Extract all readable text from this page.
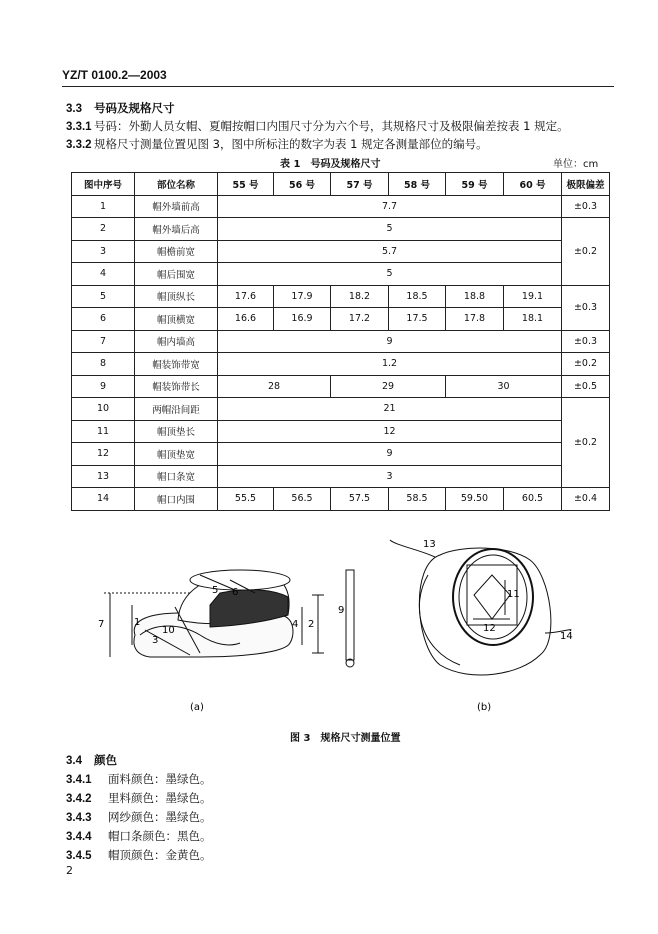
YZ/T 0100.2—2003
3.3 号码及规格尺寸
3.3.1 号码：外勤人员女帽、夏帽按帽口内围尺寸分为六个号，其规格尺寸及极限偏差按表 1 规定。
3.3.2 规格尺寸测量位置见图 3，图中所标注的数字为表 1 规定各测量部位的编号。
表 1　号码及规格尺寸	单位：cm
图中序号	部位名称	55 号	56 号	57 号	58 号	59 号	60 号	极限偏差
1	帽外墙前高	7.7						±0.3
2	帽外墙后高	5						±0.2
3	帽檐前宽	5.7						
4	帽后围宽	5						
5	帽顶纵长	17.6	17.9	18.2	18.5	18.8	19.1	±0.3
6	帽顶横宽	16.6	16.9	17.2	17.5	17.8	18.1	
7	帽内墙高	9						±0.3
8	帽装饰带宽	1.2						±0.2
9	帽装饰带长	28		29		30		±0.5
10	两帽沿间距	21						±0.2
11	帽顶垫长	12						
12	帽顶垫宽	9						
13	帽口条宽	3						
14	帽口内围	55.5	56.5	57.5	58.5	59.50	60.5	±0.4
7	1	2
4
5 6
3
10
9
13
11
12
14
(a)	(b)
图 3　规格尺寸测量位置
3.4 颜色
3.4.1 面料颜色：墨绿色。
3.4.2 里料颜色：墨绿色。
3.4.3 网纱颜色：墨绿色。
3.4.4 帽口条颜色：黑色。
3.4.5 帽顶颜色：金黄色。
2
